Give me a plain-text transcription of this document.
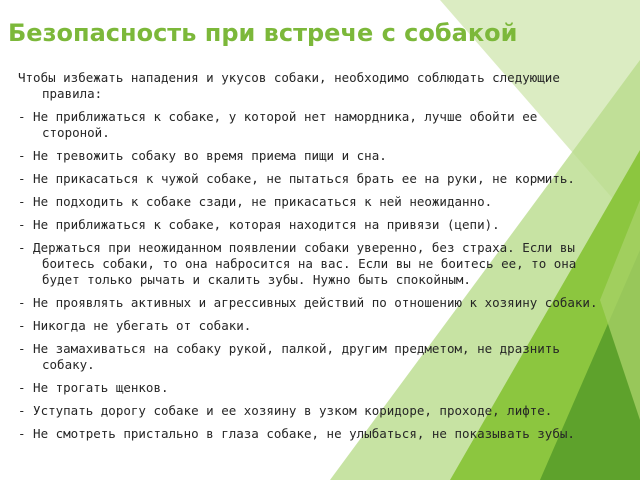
Безопасность при встрече с собакой

Чтобы избежать нападения и укусов собаки, необходимо соблюдать следующие правила:

- Не приближаться к собаке, у которой нет намордника, лучше обойти ее стороной.

- Не тревожить собаку во время приема пищи и сна.

- Не прикасаться к чужой собаке, не пытаться брать ее на руки, не кормить.

- Не подходить к собаке сзади, не прикасаться к ней неожиданно.

- Не приближаться к собаке, которая находится на привязи (цепи).

- Держаться при неожиданном появлении собаки уверенно, без страха. Если вы боитесь собаки, то она набросится на вас. Если вы не боитесь ее, то она будет только рычать и скалить зубы. Нужно быть спокойным.

- Не проявлять активных и агрессивных действий по отношению к хозяину собаки.

- Никогда не убегать от собаки.

- Не замахиваться на собаку рукой, палкой, другим предметом, не дразнить собаку.

- Не трогать щенков.

- Уступать дорогу собаке и ее хозяину в узком коридоре, проходе, лифте.

- Не смотреть пристально в глаза собаке, не улыбаться, не показывать зубы.
